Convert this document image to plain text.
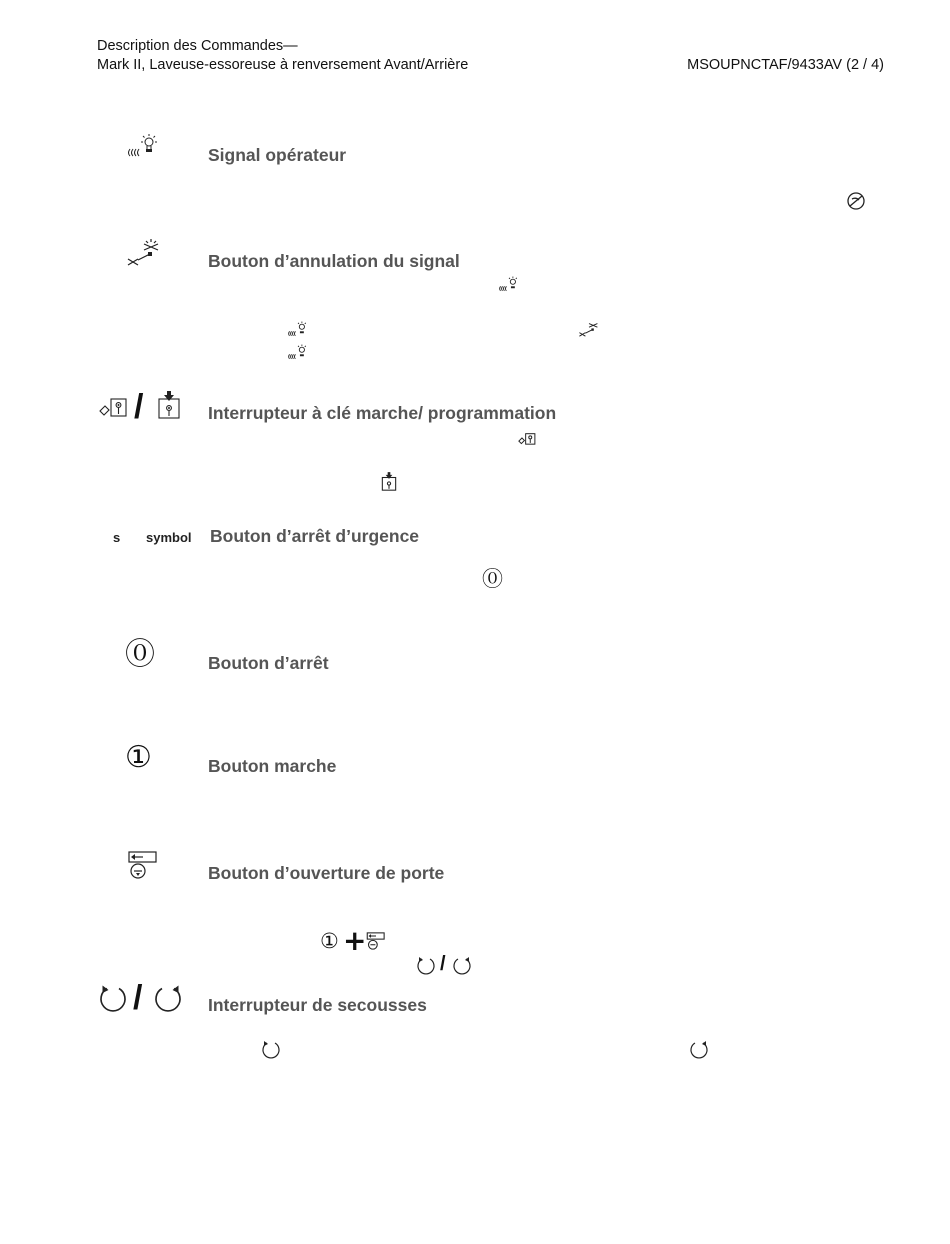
Description des Commandes—
Mark II, Laveuse-essoreuse à renversement Avant/Arrière	MSOUPNCTAF/9433AV (2 / 4)
Signal opérateur
Bouton d’annulation du signal
/	Interrupteur à clé marche/ programmation
s symbol Bouton d’arrêt d’urgence
⓪
⓪	Bouton d’arrêt
①	Bouton marche
Bouton d’ouverture de porte
① +
/
/	Interrupteur de secousses
